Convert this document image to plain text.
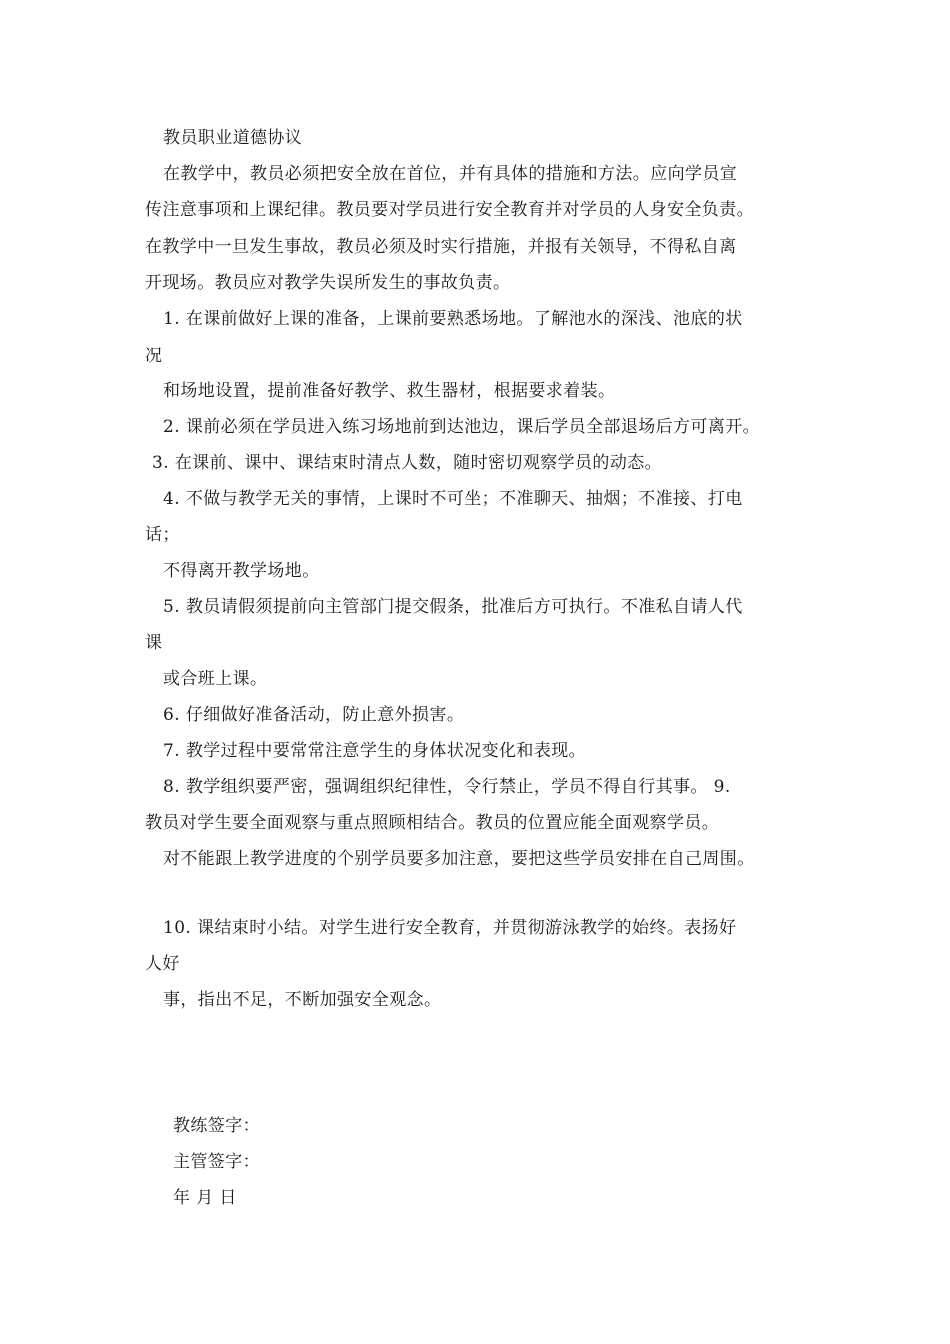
教员职业道德协议
在教学中，教员必须把安全放在首位，并有具体的措施和方法。应向学员宣
传注意事项和上课纪律。教员要对学员进行安全教育并对学员的人身安全负责。
在教学中一旦发生事故，教员必须及时实行措施，并报有关领导，不得私自离
开现场。教员应对教学失误所发生的事故负责。
1. 在课前做好上课的准备，上课前要熟悉场地。了解池水的深浅、池底的状
况
和场地设置，提前准备好教学、救生器材，根据要求着装。
2. 课前必须在学员进入练习场地前到达池边，课后学员全部退场后方可离开。
3. 在课前、课中、课结束时清点人数，随时密切观察学员的动态。
4. 不做与教学无关的事情，上课时不可坐；不准聊天、抽烟；不准接、打电
话；
不得离开教学场地。
5. 教员请假须提前向主管部门提交假条，批准后方可执行。不准私自请人代
课
或合班上课。
6. 仔细做好准备活动，防止意外损害。
7. 教学过程中要常常注意学生的身体状况变化和表现。
8. 教学组织要严密，强调组织纪律性，令行禁止，学员不得自行其事。 9.
教员对学生要全面观察与重点照顾相结合。教员的位置应能全面观察学员。
对不能跟上教学进度的个别学员要多加注意，要把这些学员安排在自己周围。
10. 课结束时小结。对学生进行安全教育，并贯彻游泳教学的始终。表扬好
人好
事，指出不足，不断加强安全观念。
教练签字：
主管签字：
年 月 日
